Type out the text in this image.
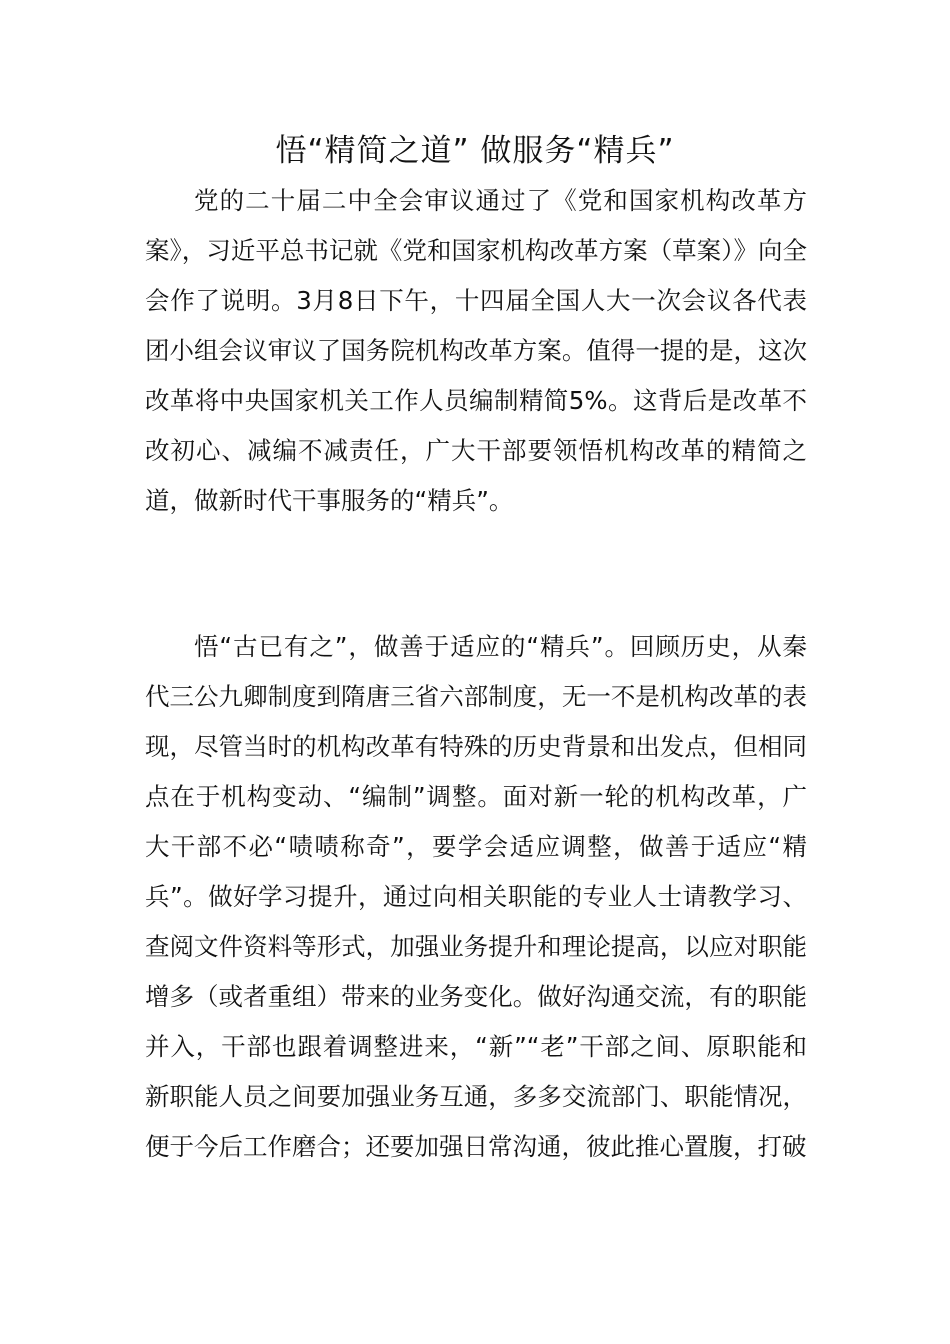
悟“精简之道” 做服务“精兵”

党的二十届二中全会审议通过了《党和国家机构改革方案》，习近平总书记就《党和国家机构改革方案（草案）》向全会作了说明。3月8日下午，十四届全国人大一次会议各代表团小组会议审议了国务院机构改革方案。值得一提的是，这次改革将中央国家机关工作人员编制精简5%。这背后是改革不改初心、减编不减责任，广大干部要领悟机构改革的精简之道，做新时代干事服务的“精兵”。

悟“古已有之”，做善于适应的“精兵”。回顾历史，从秦代三公九卿制度到隋唐三省六部制度，无一不是机构改革的表现，尽管当时的机构改革有特殊的历史背景和出发点，但相同点在于机构变动、“编制”调整。面对新一轮的机构改革，广大干部不必“啧啧称奇”，要学会适应调整，做善于适应“精兵”。做好学习提升，通过向相关职能的专业人士请教学习、查阅文件资料等形式，加强业务提升和理论提高，以应对职能增多（或者重组）带来的业务变化。做好沟通交流，有的职能并入，干部也跟着调整进来，“新”“老”干部之间、原职能和新职能人员之间要加强业务互通，多多交流部门、职能情况，便于今后工作磨合；还要加强日常沟通，彼此推心置腹，打破
